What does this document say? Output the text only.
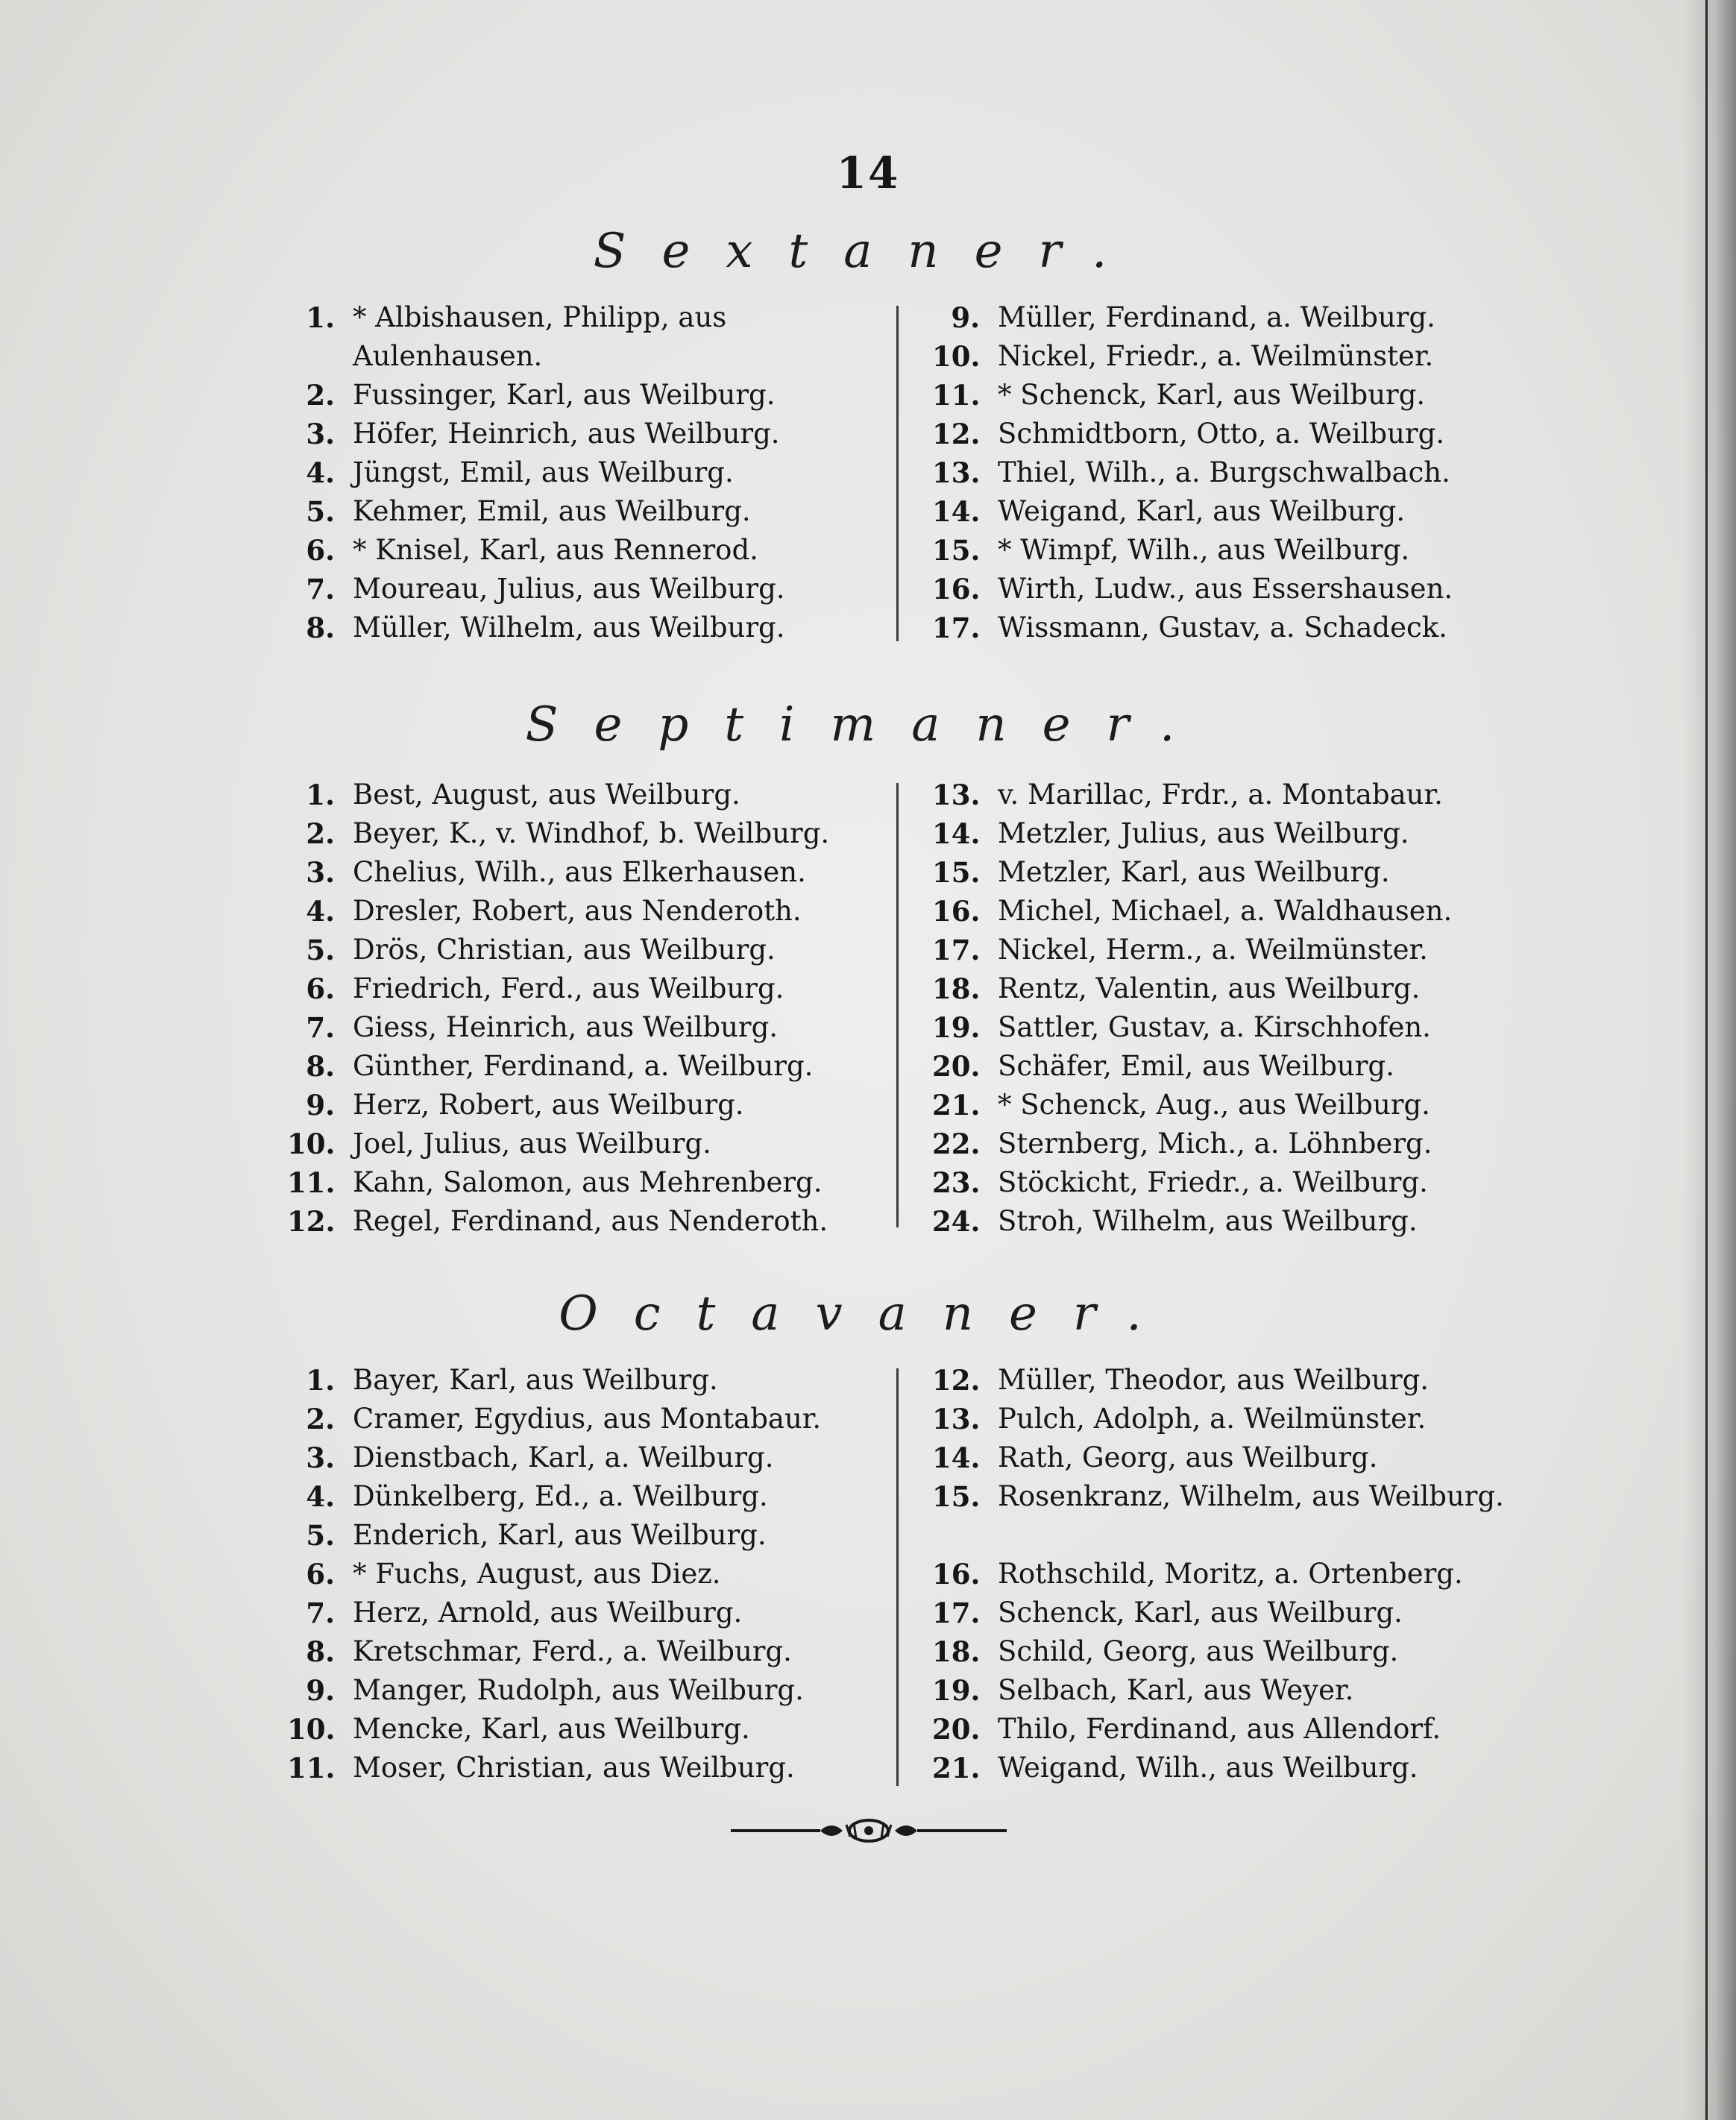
14
Sextaner.
1. * Albishausen, Philipp, aus Aulenhausen.
2. Fussinger, Karl, aus Weilburg.
3. Höfer, Heinrich, aus Weilburg.
4. Jüngst, Emil, aus Weilburg.
5. Kehmer, Emil, aus Weilburg.
6. * Knisel, Karl, aus Rennerod.
7. Moureau, Julius, aus Weilburg.
8. Müller, Wilhelm, aus Weilburg.
9. Müller, Ferdinand, a. Weilburg.
10. Nickel, Friedr., a. Weilmünster.
11. * Schenck, Karl, aus Weilburg.
12. Schmidtborn, Otto, a. Weilburg.
13. Thiel, Wilh., a. Burgschwalbach.
14. Weigand, Karl, aus Weilburg.
15. * Wimpf, Wilh., aus Weilburg.
16. Wirth, Ludw., aus Essershausen.
17. Wissmann, Gustav, a. Schadeck.
Septimaner.
1. Best, August, aus Weilburg.
2. Beyer, K., v. Windhof, b. Weilburg.
3. Chelius, Wilh., aus Elkerhausen.
4. Dresler, Robert, aus Nenderoth.
5. Drös, Christian, aus Weilburg.
6. Friedrich, Ferd., aus Weilburg.
7. Giess, Heinrich, aus Weilburg.
8. Günther, Ferdinand, a. Weilburg.
9. Herz, Robert, aus Weilburg.
10. Joel, Julius, aus Weilburg.
11. Kahn, Salomon, aus Mehrenberg.
12. Regel, Ferdinand, aus Nenderoth.
13. v. Marillac, Frdr., a. Montabaur.
14. Metzler, Julius, aus Weilburg.
15. Metzler, Karl, aus Weilburg.
16. Michel, Michael, a. Waldhausen.
17. Nickel, Herm., a. Weilmünster.
18. Rentz, Valentin, aus Weilburg.
19. Sattler, Gustav, a. Kirschhofen.
20. Schäfer, Emil, aus Weilburg.
21. * Schenck, Aug., aus Weilburg.
22. Sternberg, Mich., a. Löhnberg.
23. Stöckicht, Friedr., a. Weilburg.
24. Stroh, Wilhelm, aus Weilburg.
Octavaner.
1. Bayer, Karl, aus Weilburg.
2. Cramer, Egydius, aus Montabaur.
3. Dienstbach, Karl, a. Weilburg.
4. Dünkelberg, Ed., a. Weilburg.
5. Enderich, Karl, aus Weilburg.
6. * Fuchs, August, aus Diez.
7. Herz, Arnold, aus Weilburg.
8. Kretschmar, Ferd., a. Weilburg.
9. Manger, Rudolph, aus Weilburg.
10. Mencke, Karl, aus Weilburg.
11. Moser, Christian, aus Weilburg.
12. Müller, Theodor, aus Weilburg.
13. Pulch, Adolph, a. Weilmünster.
14. Rath, Georg, aus Weilburg.
15. Rosenkranz, Wilhelm, aus Weilburg.
16. Rothschild, Moritz, a. Ortenberg.
17. Schenck, Karl, aus Weilburg.
18. Schild, Georg, aus Weilburg.
19. Selbach, Karl, aus Weyer.
20. Thilo, Ferdinand, aus Allendorf.
21. Weigand, Wilh., aus Weilburg.
